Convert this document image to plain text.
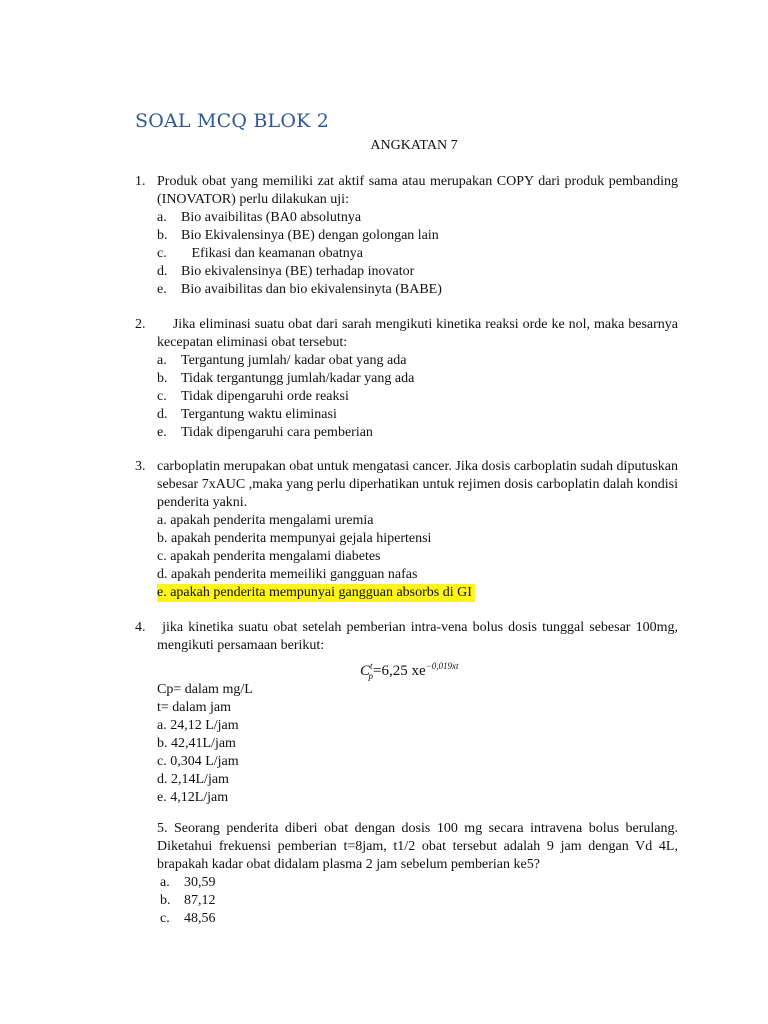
SOAL MCQ BLOK 2
ANGKATAN 7
1. Produk obat yang memiliki zat aktif sama atau merupakan COPY dari produk pembanding (INOVATOR) perlu dilakukan uji:
a.	Bio avaibilitas (BA0 absolutnya
b. Bio Ekivalensinya (BE) dengan golongan lain
c.	Efikasi dan keamanan obatnya
d. Bio ekivalensinya (BE) terhadap inovator
e.	Bio avaibilitas dan bio ekivalensinyta (BABE)
2. Jika eliminasi suatu obat dari sarah mengikuti kinetika reaksi orde ke nol, maka besarnya kecepatan eliminasi obat tersebut:
a.	Tergantung jumlah/ kadar obat yang ada
b. Tidak tergantungg jumlah/kadar yang ada
c.	Tidak dipengaruhi orde reaksi
d. Tergantung waktu eliminasi
e.	Tidak dipengaruhi cara pemberian
3. carboplatin merupakan obat untuk mengatasi cancer. Jika dosis carboplatin sudah diputuskan sebesar 7xAUC ,maka yang perlu diperhatikan untuk rejimen dosis carboplatin dalah kondisi penderita yakni.
a. apakah penderita mengalami uremia
b. apakah penderita mempunyai gejala hipertensi
c. apakah penderita mengalami diabetes
d. apakah penderita memeiliki gangguan nafas
e. apakah penderita mempunyai gangguan absorbs di GI
4. jika kinetika suatu obat setelah pemberian intra-vena bolus dosis tunggal sebesar 100mg, mengikuti persamaan berikut:
$C^t_p=6,25$ $xe^{-0,019xt}$
Cp= dalam mg/L
t= dalam jam
a. 24,12 L/jam
b. 42,41L/jam
c. 0,304 L/jam
d. 2,14L/jam
e. 4,12L/jam
5. Seorang penderita diberi obat dengan dosis 100 mg secara intravena bolus berulang. Diketahui frekuensi pemberian t=8jam, t1/2 obat tersebut adalah 9 jam dengan Vd 4L, brapakah kadar obat didalam plasma 2 jam sebelum pemberian ke5?
a.	30,59
b. 87,12
c.	48,56
